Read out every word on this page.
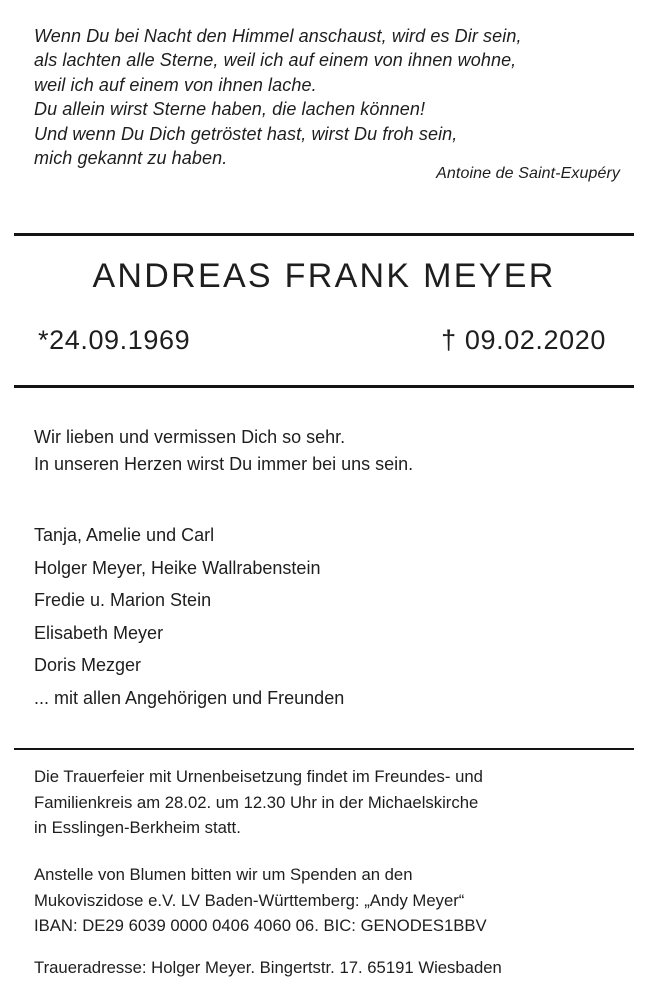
Wenn Du bei Nacht den Himmel anschaust, wird es Dir sein,
als lachten alle Sterne, weil ich auf einem von ihnen wohne,
weil ich auf einem von ihnen lache.
Du allein wirst Sterne haben, die lachen können!
Und wenn Du Dich getröstet hast, wirst Du froh sein,
mich gekannt zu haben.
Antoine de Saint-Exupéry
ANDREAS FRANK MEYER
*24.09.1969	† 09.02.2020
Wir lieben und vermissen Dich so sehr.
In unseren Herzen wirst Du immer bei uns sein.
Tanja, Amelie und Carl
Holger Meyer, Heike Wallrabenstein
Fredie u. Marion Stein
Elisabeth Meyer
Doris Mezger
... mit allen Angehörigen und Freunden
Die Trauerfeier mit Urnenbeisetzung findet im Freundes- und
Familienkreis am 28.02. um 12.30 Uhr in der Michaelskirche
in Esslingen-Berkheim statt.
Anstelle von Blumen bitten wir um Spenden an den
Mukoviszidose e.V. LV Baden-Württemberg: „Andy Meyer“
IBAN: DE29 6039 0000 0406 4060 06. BIC: GENODES1BBV
Traueradresse: Holger Meyer. Bingertstr. 17. 65191 Wiesbaden
